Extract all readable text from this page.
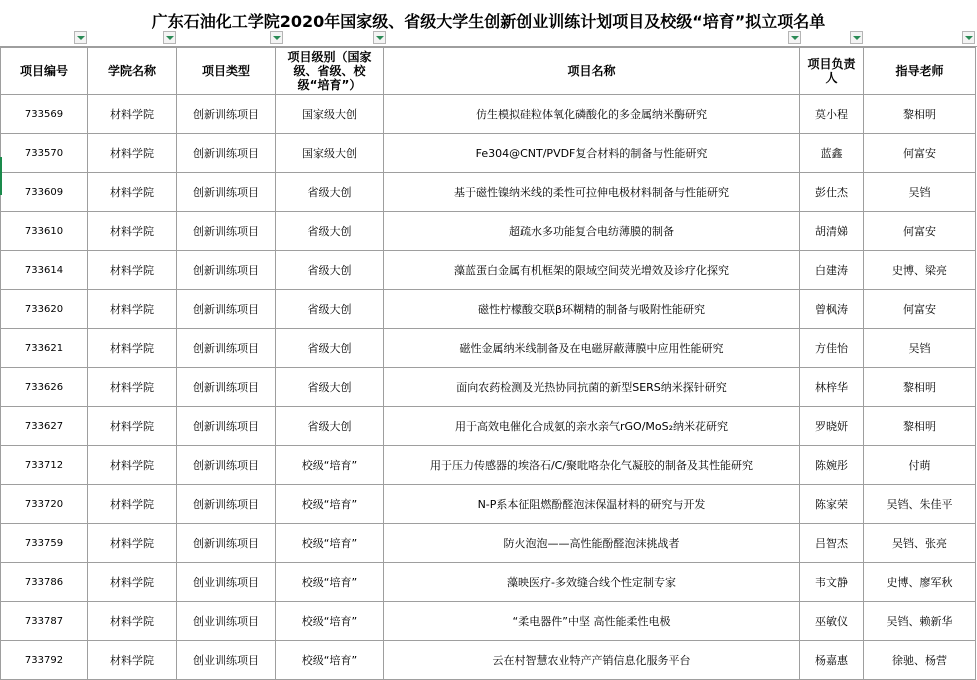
广东石油化工学院2020年国家级、省级大学生创新创业训练计划项目及校级“培育”拟立项名单
项目编号	学院名称	项目类型	项目级别（国家级、省级、校级“培育”）	项目名称	项目负责人	指导老师
733569	材料学院	创新训练项目	国家级大创	仿生模拟硅粒体氧化磷酸化的多金属纳米酶研究	莫小程	黎相明
733570	材料学院	创新训练项目	国家级大创	Fe304@CNT/PVDF复合材料的制备与性能研究	蓝鑫	何富安
733609	材料学院	创新训练项目	省级大创	基于磁性镍纳米线的柔性可拉伸电极材料制备与性能研究	彭仕杰	吴铛
733610	材料学院	创新训练项目	省级大创	超疏水多功能复合电纺薄膜的制备	胡清娣	何富安
733614	材料学院	创新训练项目	省级大创	藻蓝蛋白金属有机框架的限域空间荧光增效及诊疗化探究	白建涛	史博、梁亮
733620	材料学院	创新训练项目	省级大创	磁性柠檬酸交联β环糊精的制备与吸附性能研究	曾枫涛	何富安
733621	材料学院	创新训练项目	省级大创	磁性金属纳米线制备及在电磁屏蔽薄膜中应用性能研究	方佳怡	吴铛
733626	材料学院	创新训练项目	省级大创	面向农药检测及光热协同抗菌的新型SERS纳米探针研究	林梓华	黎相明
733627	材料学院	创新训练项目	省级大创	用于高效电催化合成氨的亲水亲气rGO/MoS₂纳米花研究	罗晓妍	黎相明
733712	材料学院	创新训练项目	校级“培育”	用于压力传感器的埃洛石/C/聚吡咯杂化气凝胶的制备及其性能研究	陈婉彤	付萌
733720	材料学院	创新训练项目	校级“培育”	N-P系本征阻燃酚醛泡沫保温材料的研究与开发	陈家荣	吴铛、朱佳平
733759	材料学院	创新训练项目	校级“培育”	防火泡泡——高性能酚醛泡沫挑战者	吕智杰	吴铛、张亮
733786	材料学院	创业训练项目	校级“培育”	藻映医疗-多效缝合线个性定制专家	韦文静	史博、廖军秋
733787	材料学院	创业训练项目	校级“培育”	“柔电器件”中坚 高性能柔性电极	巫敏仪	吴铛、赖新华
733792	材料学院	创业训练项目	校级“培育”	云在村智慧农业特产产销信息化服务平台	杨嘉惠	徐驰、杨营
